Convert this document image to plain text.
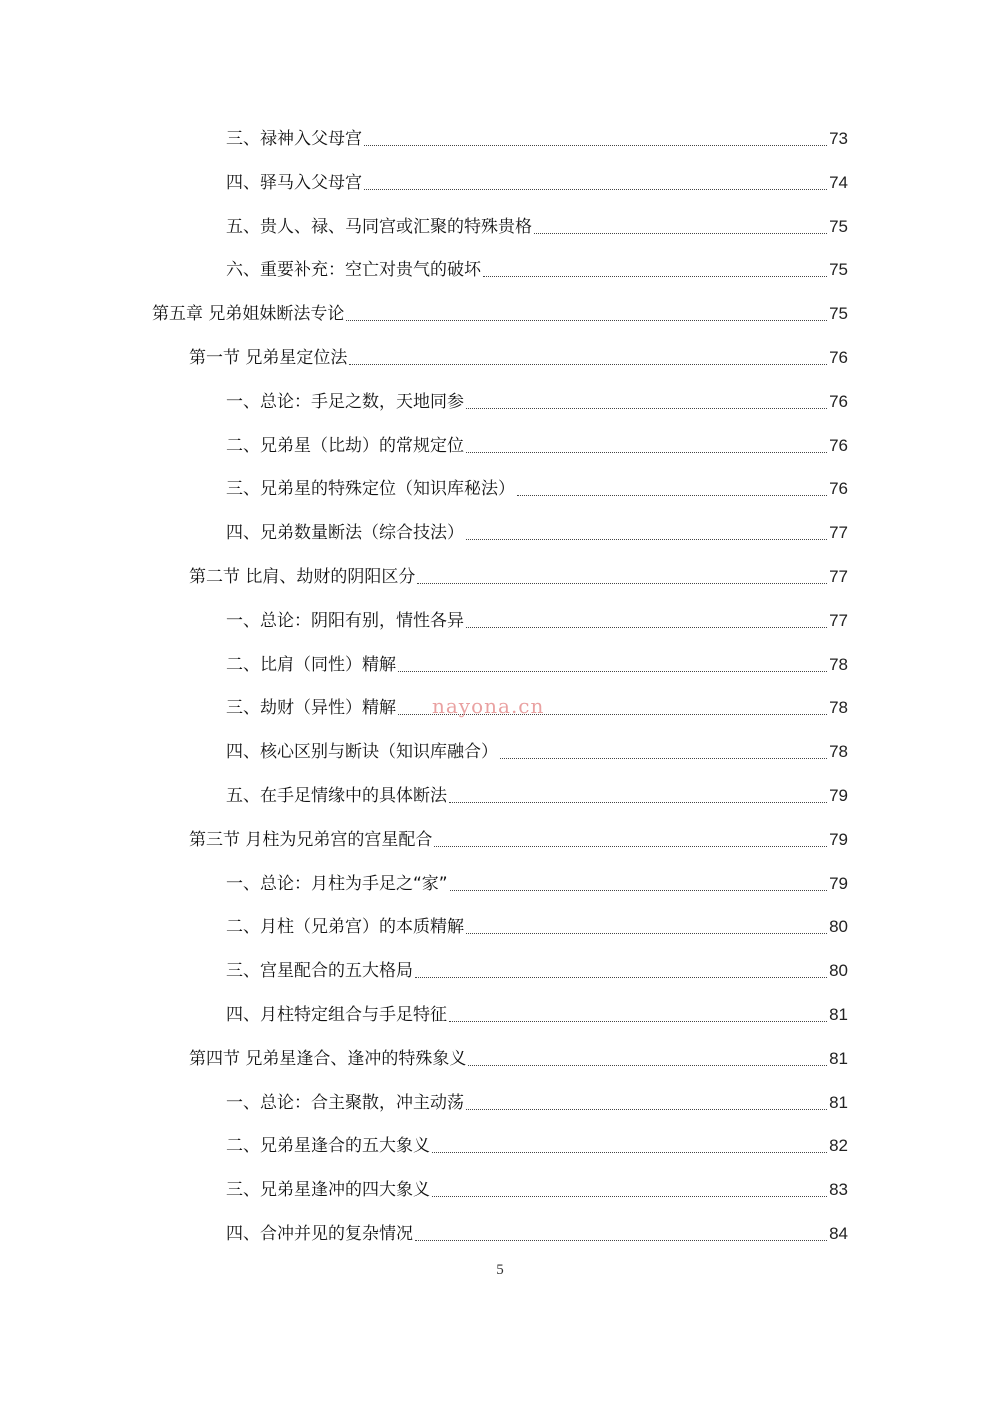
三、禄神入父母宫	73
四、驿马入父母宫	74
五、贵人、禄、马同宫或汇聚的特殊贵格	75
六、重要补充：空亡对贵气的破坏	75
第五章 兄弟姐妹断法专论	75
第一节 兄弟星定位法	76
一、总论：手足之数，天地同参	76
二、兄弟星（比劫）的常规定位	76
三、兄弟星的特殊定位（知识库秘法）	76
四、兄弟数量断法（综合技法）	77
第二节 比肩、劫财的阴阳区分	77
一、总论：阴阳有别，情性各异	77
二、比肩（同性）精解	78
三、劫财（异性）精解	78
四、核心区别与断诀（知识库融合）	78
五、在手足情缘中的具体断法	79
第三节 月柱为兄弟宫的宫星配合	79
一、总论：月柱为手足之“家”	79
二、月柱（兄弟宫）的本质精解	80
三、宫星配合的五大格局	80
四、月柱特定组合与手足特征	81
第四节 兄弟星逢合、逢冲的特殊象义	81
一、总论：合主聚散，冲主动荡	81
二、兄弟星逢合的五大象义	82
三、兄弟星逢冲的四大象义	83
四、合冲并见的复杂情况	84
nayona.cn
5
